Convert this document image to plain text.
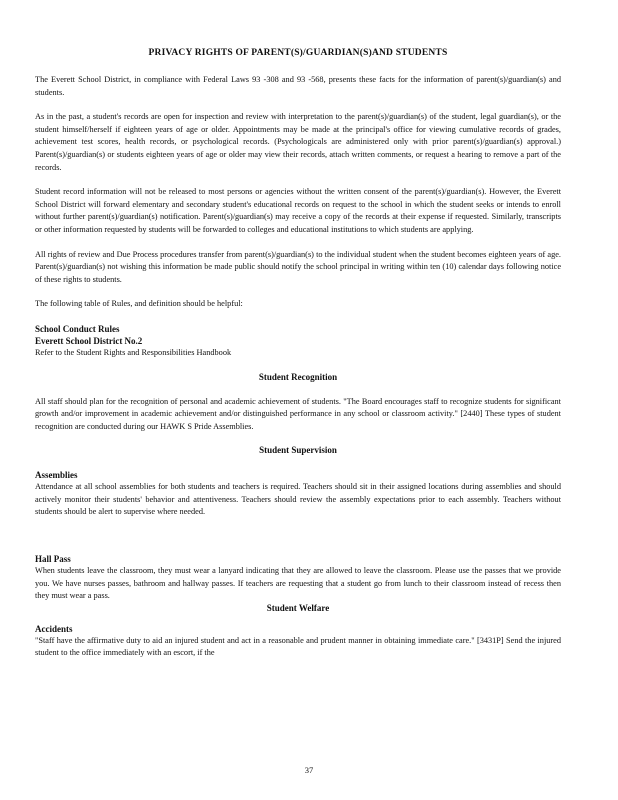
PRIVACY RIGHTS OF PARENT(S)/GUARDIAN(S)AND STUDENTS

The Everett School District, in compliance with Federal Laws 93 -308 and 93 -568, presents these facts for the information of parent(s)/guardian(s) and students.

As in the past, a student's records are open for inspection and review with interpretation to the parent(s)/guardian(s) of the student, legal guardian(s), or the student himself/herself if eighteen years of age or older. Appointments may be made at the principal's office for viewing cumulative records of grades, achievement test scores, health records, or psychological records. (Psychologicals are administered only with prior parent(s)/guardian(s) approval.) Parent(s)/guardian(s) or students eighteen years of age or older may view their records, attach written comments, or request a hearing to remove a part of the records.

Student record information will not be released to most persons or agencies without the written consent of the parent(s)/guardian(s). However, the Everett School District will forward elementary and secondary student's educational records on request to the school in which the student seeks or intends to enroll without further parent(s)/guardian(s) notification. Parent(s)/guardian(s) may receive a copy of the records at their expense if requested. Similarly, transcripts or other information requested by students will be forwarded to colleges and educational institutions to which students are applying.

All rights of review and Due Process procedures transfer from parent(s)/guardian(s) to the individual student when the student becomes eighteen years of age. Parent(s)/guardian(s) not wishing this information be made public should notify the school principal in writing within ten (10) calendar days following notice of these rights to students.

The following table of Rules, and definition should be helpful:

School Conduct Rules
Everett School District No.2

Refer to the Student Rights and Responsibilities Handbook

Student Recognition

All staff should plan for the recognition of personal and academic achievement of students. "The Board encourages staff to recognize students for significant growth and/or improvement in academic achievement and/or distinguished performance in any school or classroom activity." [2440] These types of student recognition are conducted during our HAWK S Pride Assemblies.

Student Supervision
Assemblies

Attendance at all school assemblies for both students and teachers is required. Teachers should sit in their assigned locations during assemblies and should actively monitor their students' behavior and attentiveness. Teachers should review the assembly expectations prior to each assembly. Teachers without students should be alert to supervise where needed.

Hall Pass

When students leave the classroom, they must wear a lanyard indicating that they are allowed to leave the classroom. Please use the passes that we provide you. We have nurses passes, bathroom and hallway passes. If teachers are requesting that a student go from lunch to their classroom instead of recess then they must wear a pass.

Student Welfare
Accidents

"Staff have the affirmative duty to aid an injured student and act in a reasonable and prudent manner in obtaining immediate care." [3431P] Send the injured student to the office immediately with an escort, if the

37
